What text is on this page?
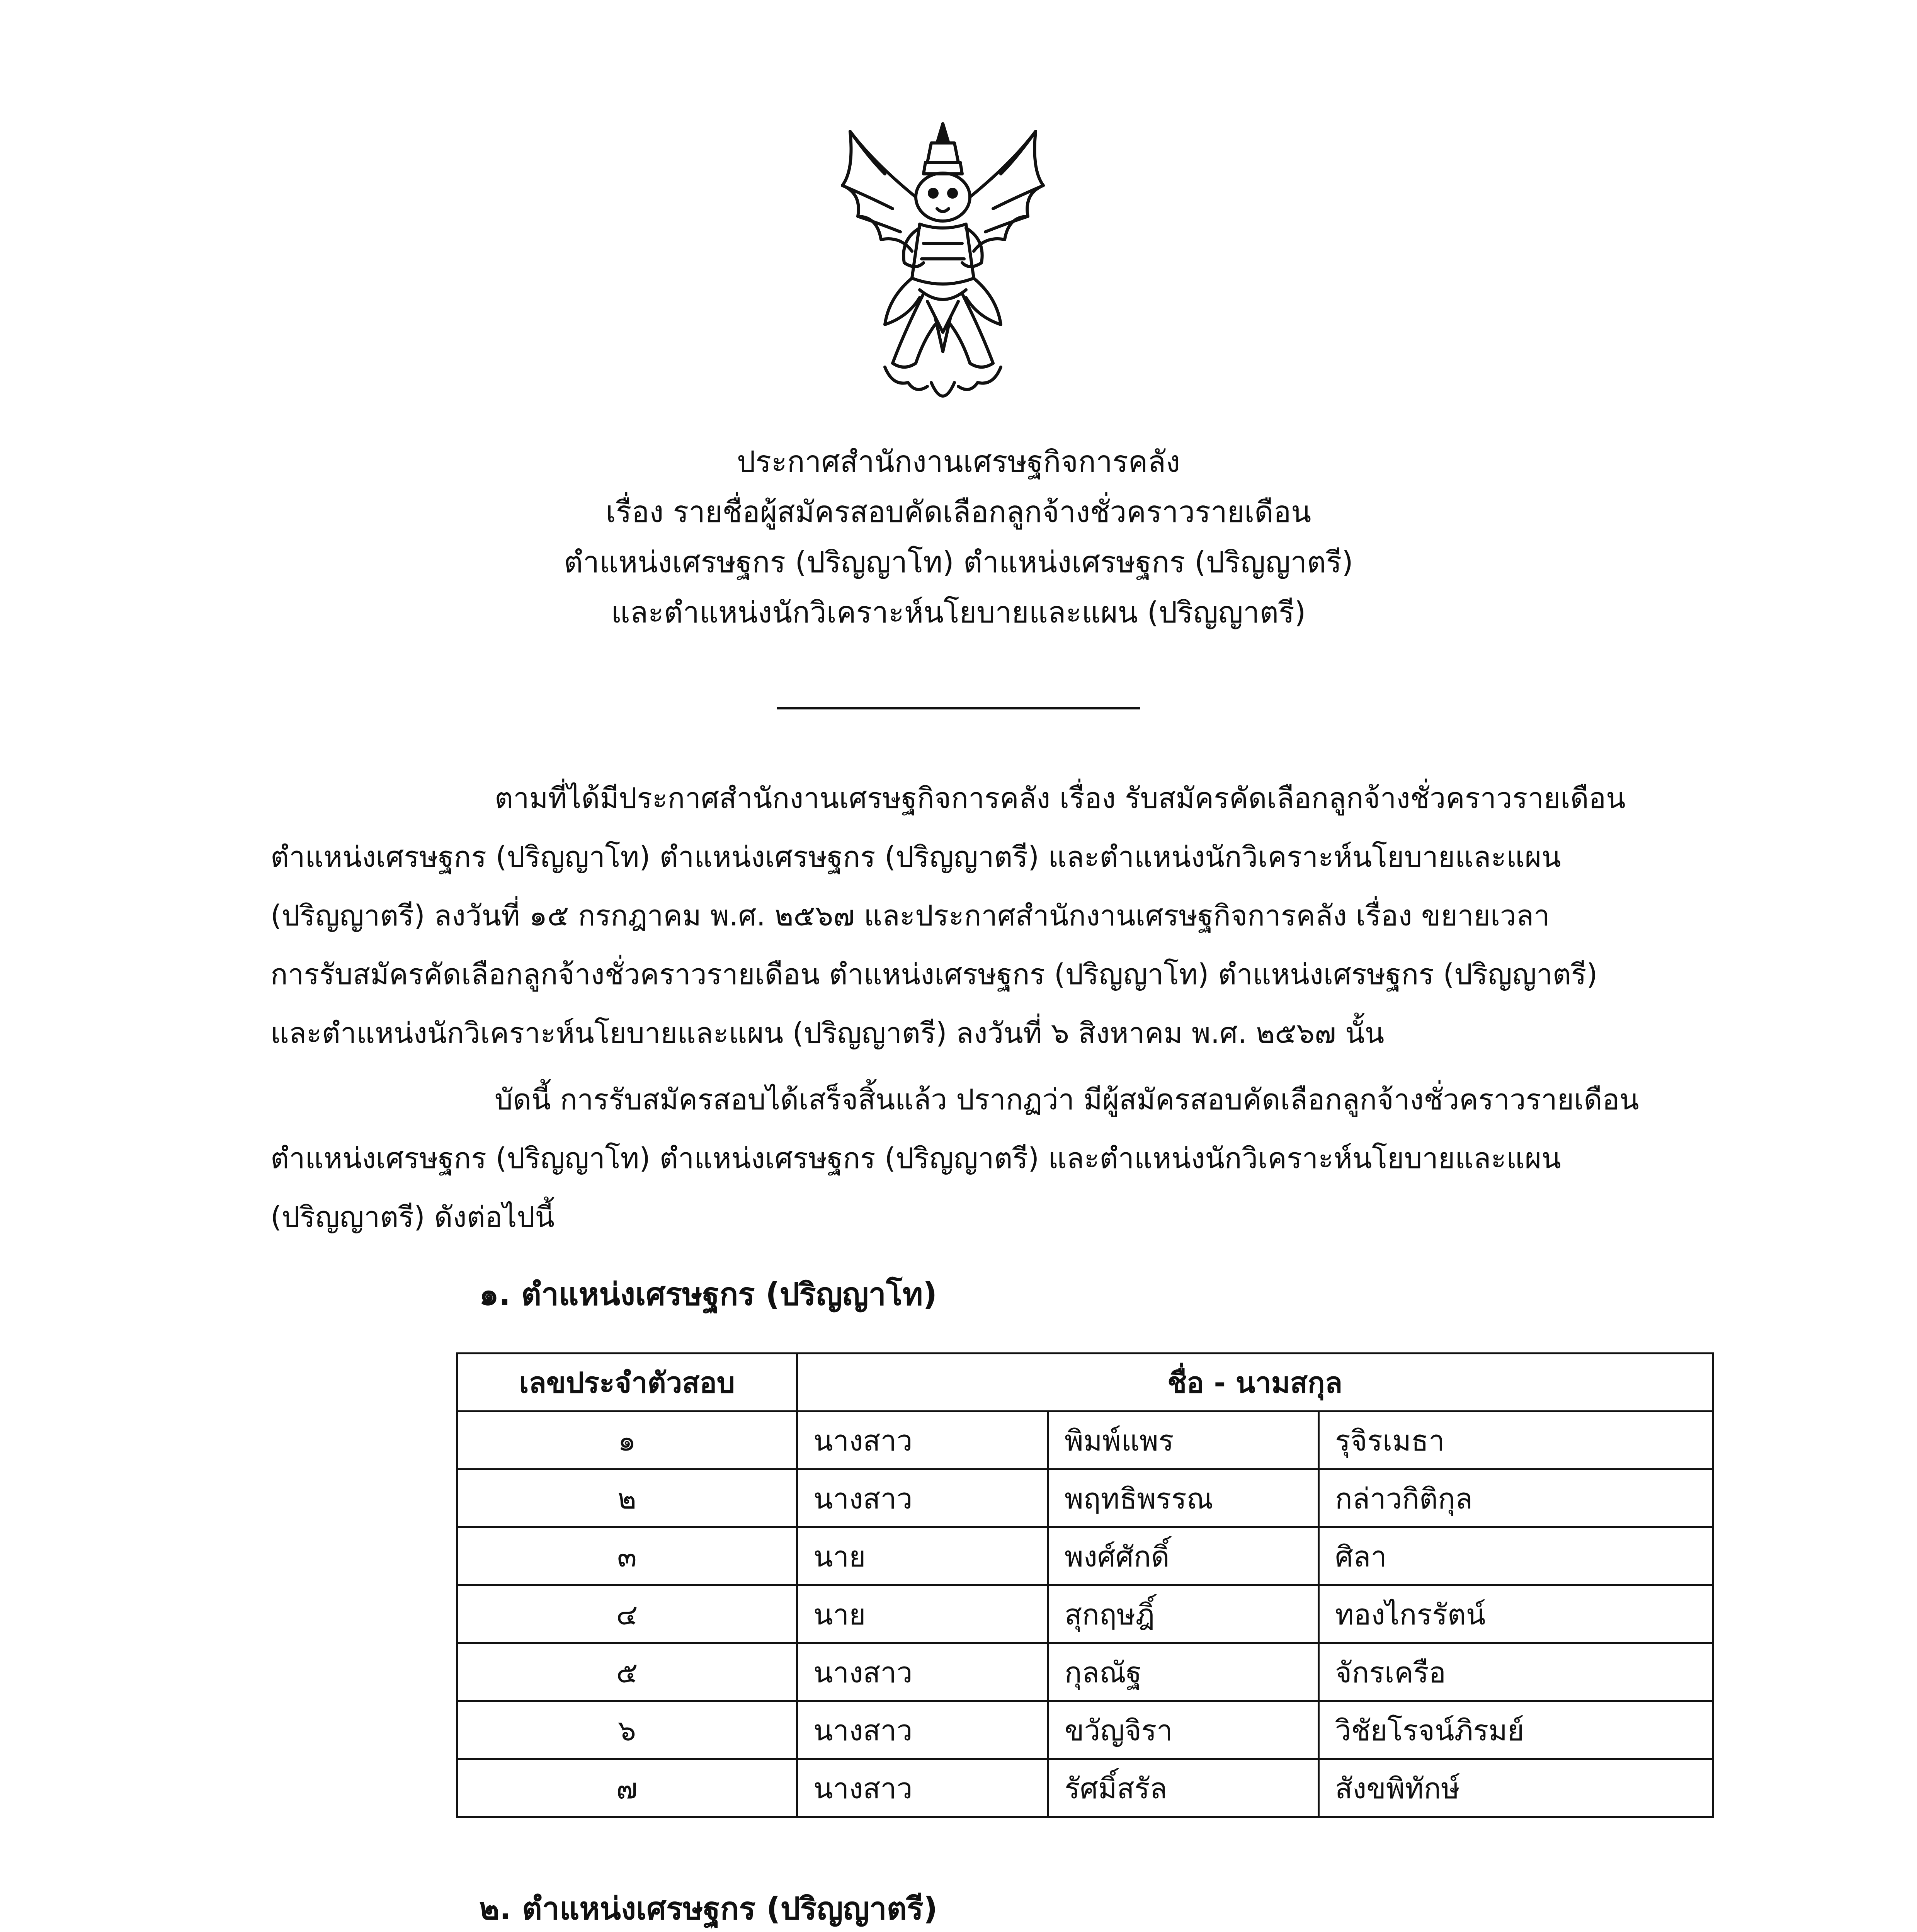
ประกาศสำนักงานเศรษฐกิจการคลัง
เรื่อง รายชื่อผู้สมัครสอบคัดเลือกลูกจ้างชั่วคราวรายเดือน
ตำแหน่งเศรษฐกร (ปริญญาโท) ตำแหน่งเศรษฐกร (ปริญญาตรี)
และตำแหน่งนักวิเคราะห์นโยบายและแผน (ปริญญาตรี)
ตามที่ได้มีประกาศสำนักงานเศรษฐกิจการคลัง เรื่อง รับสมัครคัดเลือกลูกจ้างชั่วคราวรายเดือน
ตำแหน่งเศรษฐกร (ปริญญาโท) ตำแหน่งเศรษฐกร (ปริญญาตรี) และตำแหน่งนักวิเคราะห์นโยบายและแผน
(ปริญญาตรี) ลงวันที่ ๑๕ กรกฎาคม พ.ศ. ๒๕๖๗ และประกาศสำนักงานเศรษฐกิจการคลัง เรื่อง ขยายเวลา
การรับสมัครคัดเลือกลูกจ้างชั่วคราวรายเดือน ตำแหน่งเศรษฐกร (ปริญญาโท) ตำแหน่งเศรษฐกร (ปริญญาตรี)
และตำแหน่งนักวิเคราะห์นโยบายและแผน (ปริญญาตรี) ลงวันที่ ๖ สิงหาคม พ.ศ. ๒๕๖๗ นั้น
บัดนี้ การรับสมัครสอบได้เสร็จสิ้นแล้ว ปรากฏว่า มีผู้สมัครสอบคัดเลือกลูกจ้างชั่วคราวรายเดือน
ตำแหน่งเศรษฐกร (ปริญญาโท) ตำแหน่งเศรษฐกร (ปริญญาตรี) และตำแหน่งนักวิเคราะห์นโยบายและแผน
(ปริญญาตรี) ดังต่อไปนี้
๑. ตำแหน่งเศรษฐกร (ปริญญาโท)
เลขประจำตัวสอบ	ชื่อ - นามสกุล		
๑	นางสาว	พิมพ์แพร	รุจิรเมธา
๒	นางสาว	พฤทธิพรรณ	กล่าวกิติกุล
๓	นาย	พงศ์ศักดิ์	ศิลา
๔	นาย	สุกฤษฎิ์	ทองไกรรัตน์
๕	นางสาว	กุลณัฐ	จักรเครือ
๖	นางสาว	ขวัญจิรา	วิชัยโรจน์ภิรมย์
๗	นางสาว	รัศมิ์สรัล	สังขพิทักษ์
๒. ตำแหน่งเศรษฐกร (ปริญญาตรี)
